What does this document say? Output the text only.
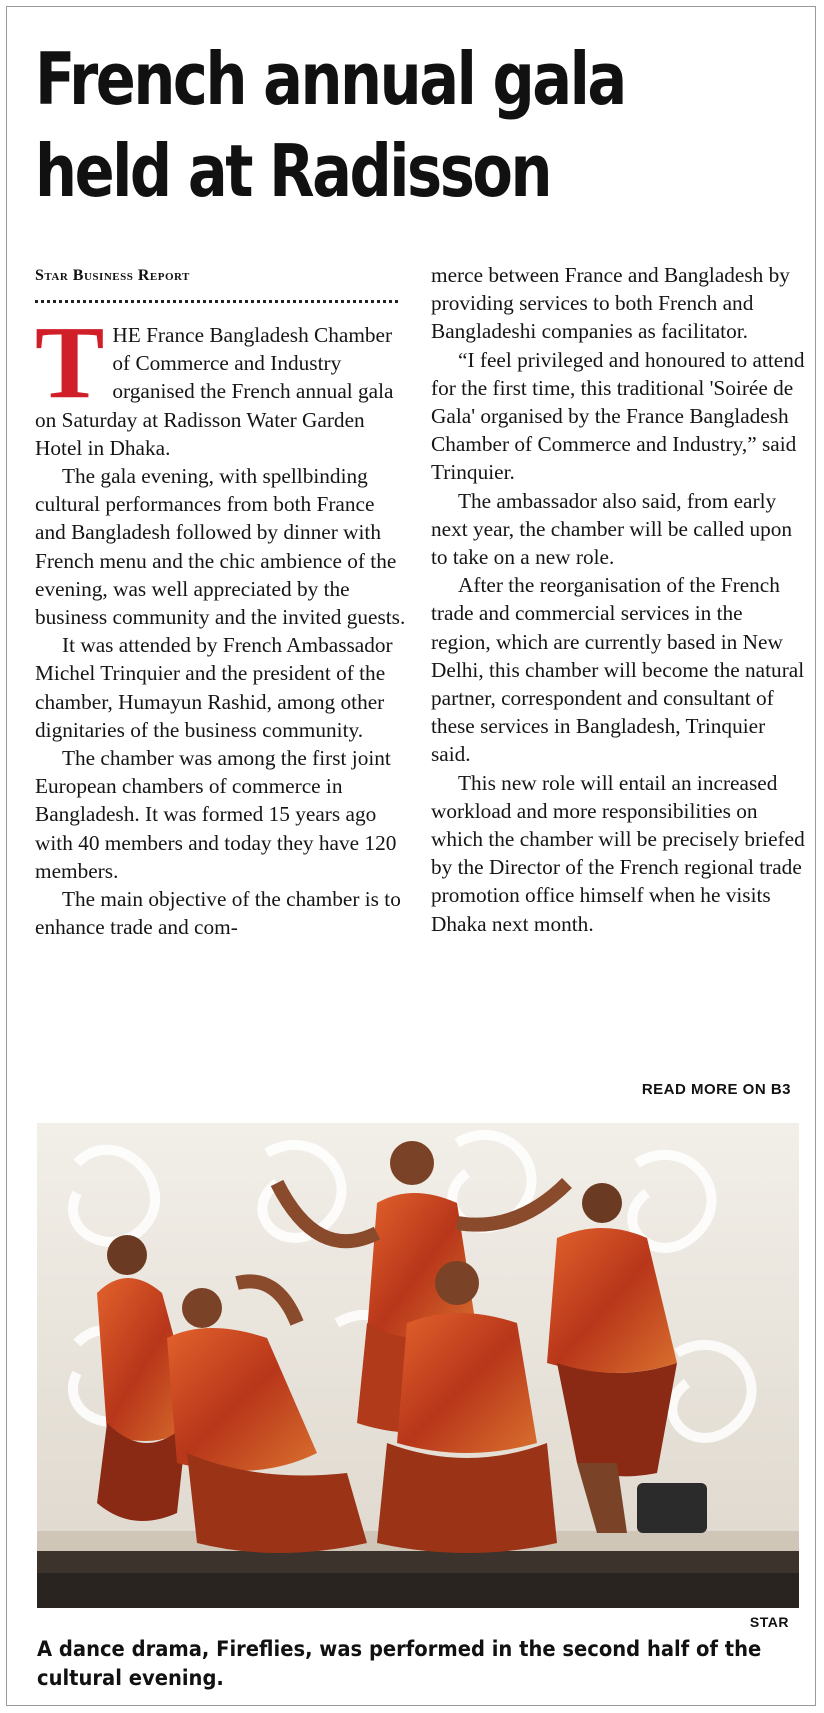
French annual gala
held at Radisson
Star Business Report

THE France Bangladesh Chamber of Commerce and Industry organised the French annual gala on Saturday at Radisson Water Garden Hotel in Dhaka.

The gala evening, with spellbinding cultural performances from both France and Bangladesh followed by dinner with French menu and the chic ambience of the evening, was well appreciated by the business community and the invited guests.

It was attended by French Ambassador Michel Trinquier and the president of the chamber, Humayun Rashid, among other dignitaries of the business community.

The chamber was among the first joint European chambers of commerce in Bangladesh. It was formed 15 years ago with 40 members and today they have 120 members.

The main objective of the chamber is to enhance trade and com-

merce between France and Bangladesh by providing services to both French and Bangladeshi companies as facilitator.

“I feel privileged and honoured to attend for the first time, this traditional 'Soirée de Gala' organised by the France Bangladesh Chamber of Commerce and Industry,” said Trinquier.

The ambassador also said, from early next year, the chamber will be called upon to take on a new role.

After the reorganisation of the French trade and commercial services in the region, which are currently based in New Delhi, this chamber will become the natural partner, correspondent and consultant of these services in Bangladesh, Trinquier said.

This new role will entail an increased workload and more responsibilities on which the chamber will be precisely briefed by the Director of the French regional trade promotion office himself when he visits Dhaka next month.

READ MORE ON B3
STAR
A dance drama, Fireflies, was performed in the second half of the cultural evening.
